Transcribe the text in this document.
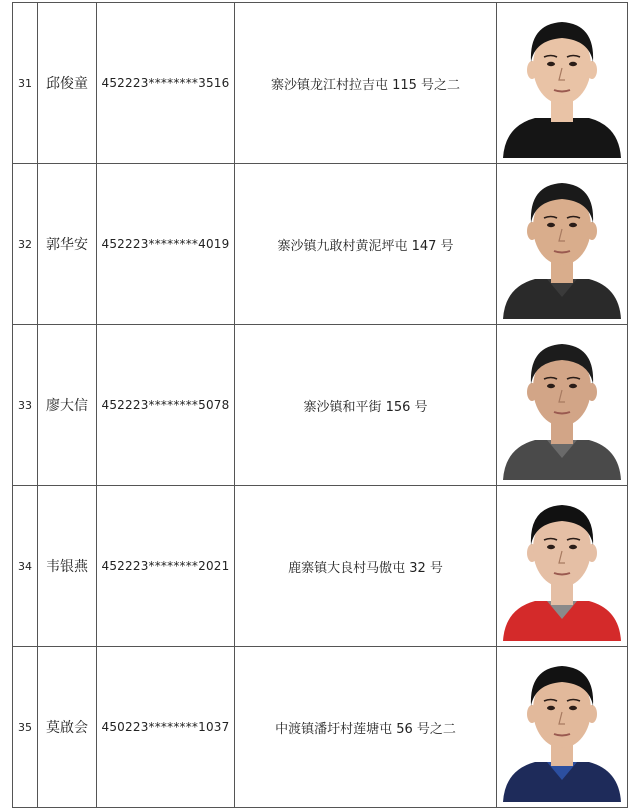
31	邱俊童	452223********3516	寨沙镇龙江村拉吉屯 115 号之二	

32	郭华安	452223********4019	寨沙镇九敢村黄泥坪屯 147 号	

33	廖大信	452223********5078	寨沙镇和平街 156 号	

34	韦银燕	452223********2021	鹿寨镇大良村马傲屯 32 号	

35	莫啟会	450223********1037	中渡镇潘圩村莲塘屯 56 号之二	
